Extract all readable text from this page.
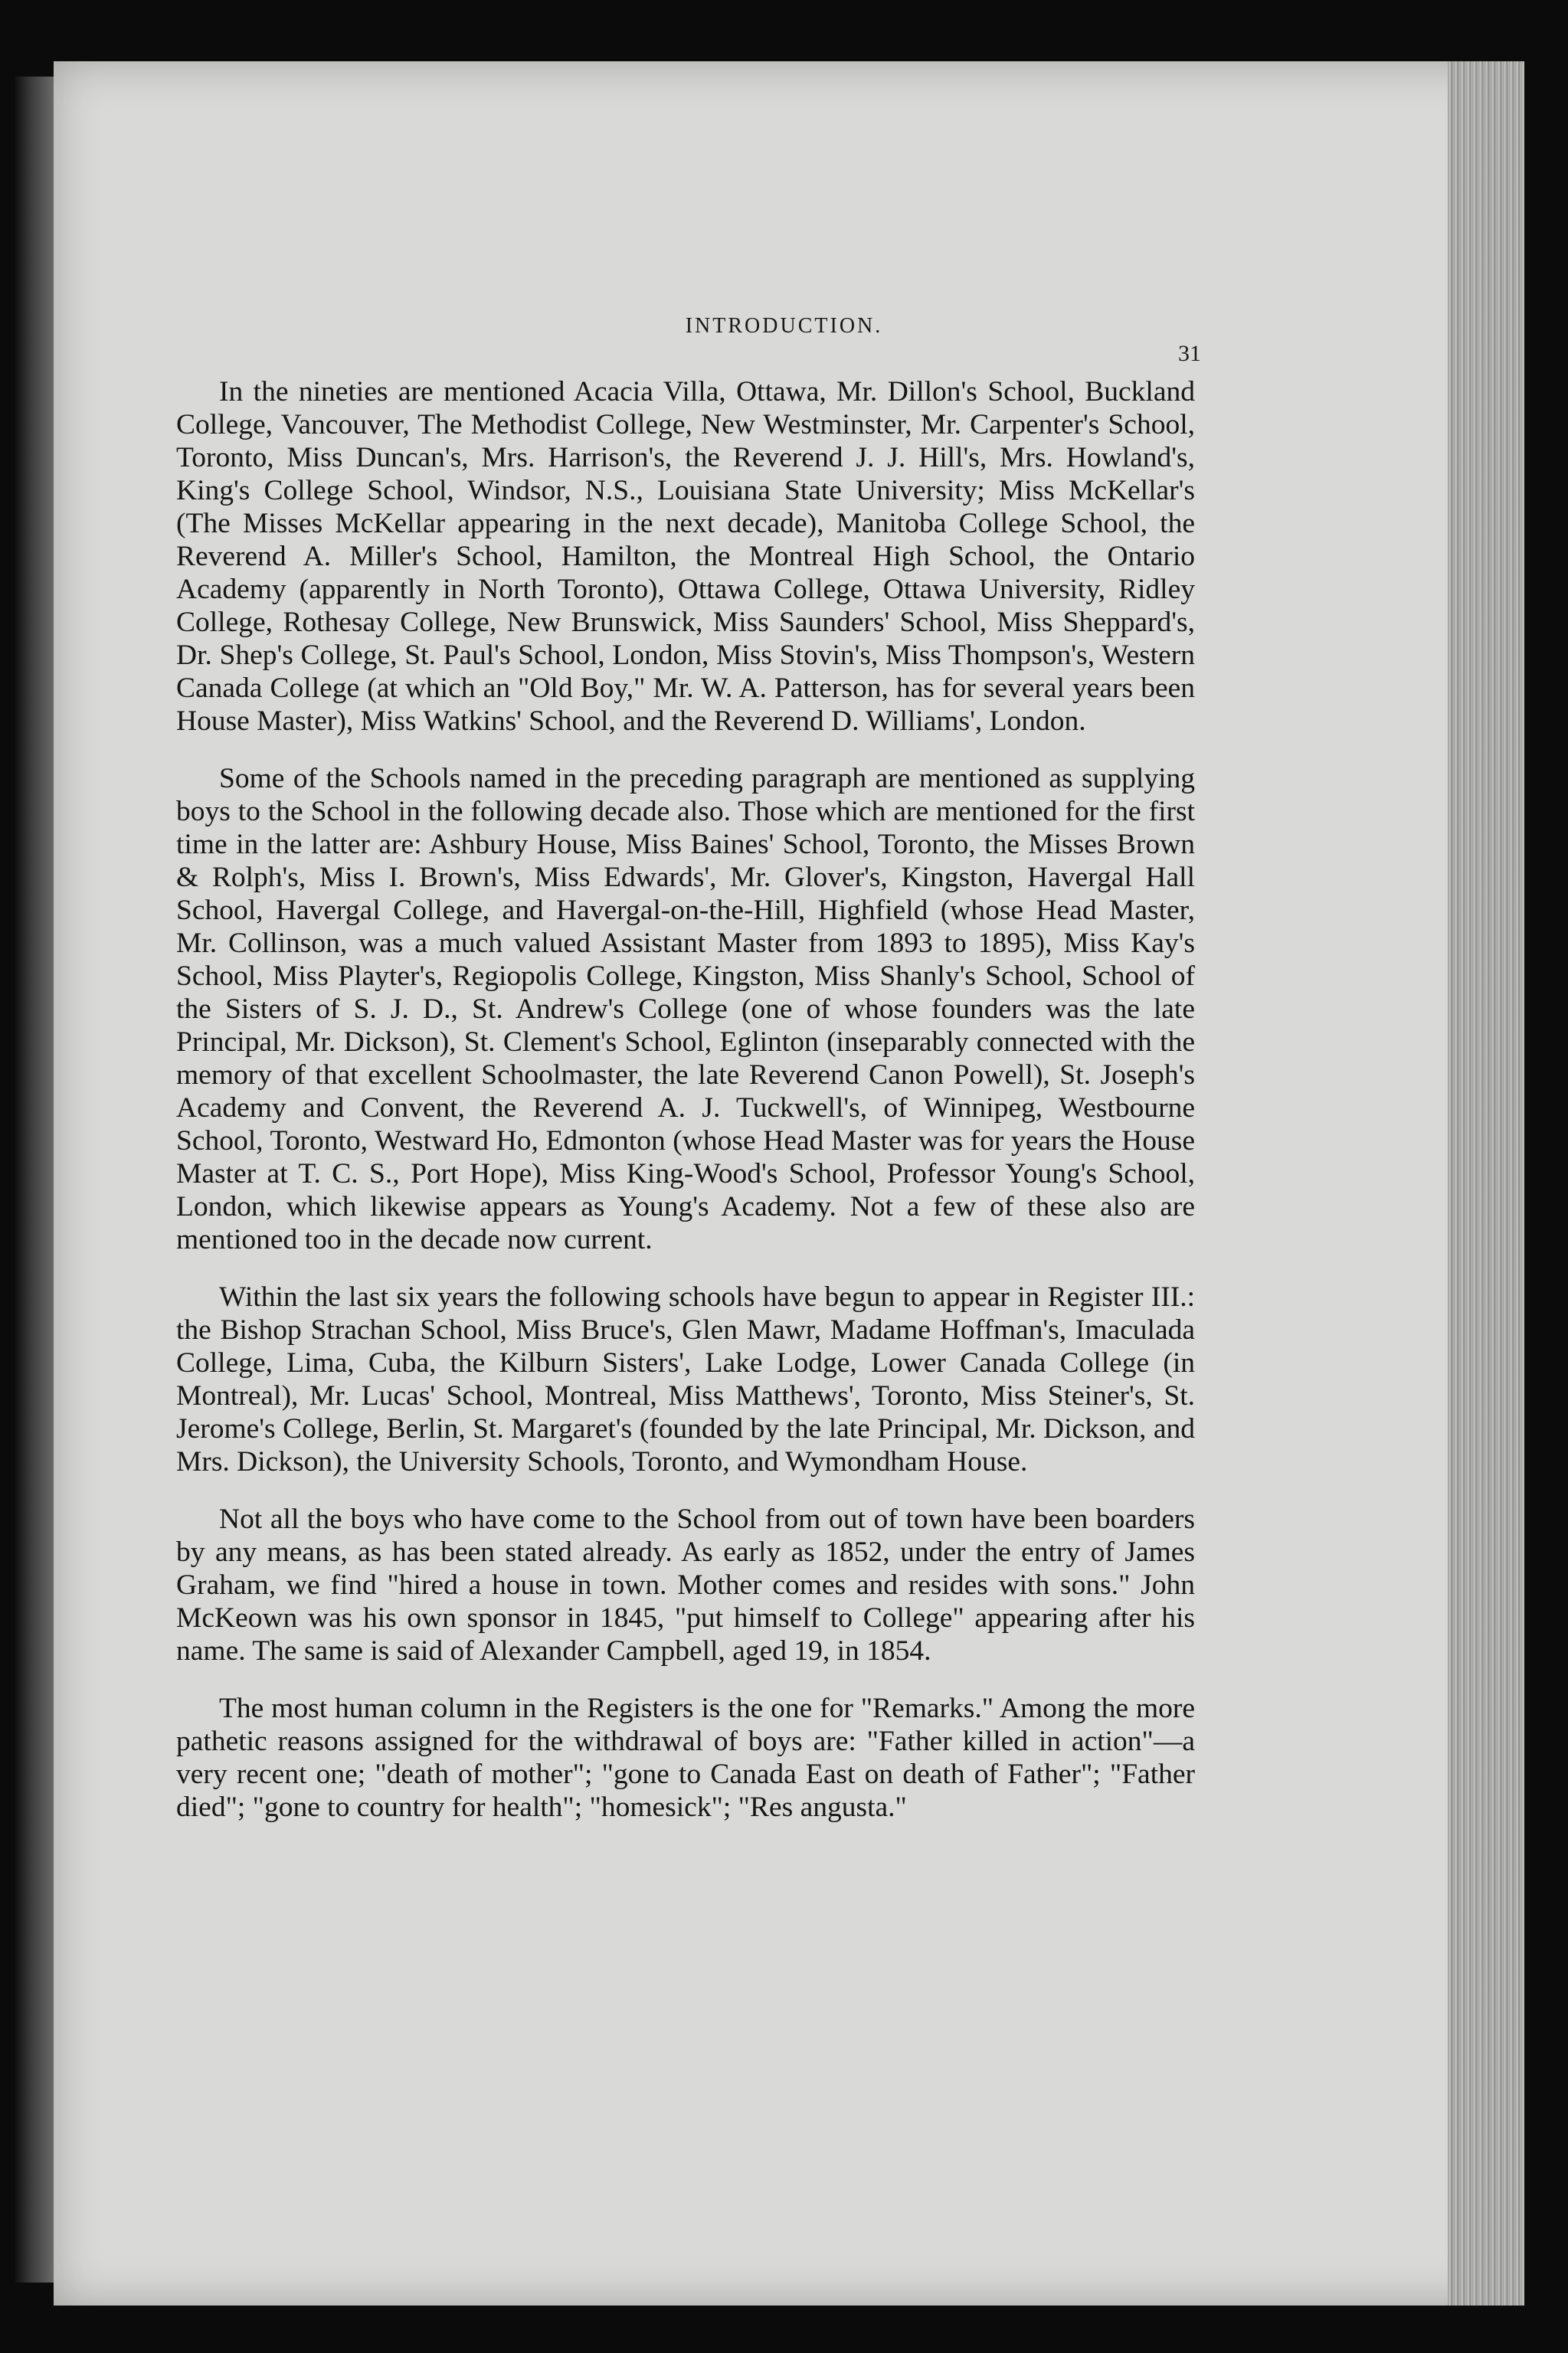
INTRODUCTION.
31

In the nineties are mentioned Acacia Villa, Ottawa, Mr. Dillon's School, Buckland College, Vancouver, The Methodist College, New Westminster, Mr. Carpenter's School, Toronto, Miss Duncan's, Mrs. Harrison's, the Reverend J. J. Hill's, Mrs. Howland's, King's College School, Windsor, N.S., Louisiana State University; Miss McKellar's (The Misses McKellar appearing in the next decade), Manitoba College School, the Reverend A. Miller's School, Hamilton, the Montreal High School, the Ontario Academy (apparently in North Toronto), Ottawa College, Ottawa University, Ridley College, Rothesay College, New Brunswick, Miss Saunders' School, Miss Sheppard's, Dr. Shep's College, St. Paul's School, London, Miss Stovin's, Miss Thompson's, Western Canada College (at which an "Old Boy," Mr. W. A. Patterson, has for several years been House Master), Miss Watkins' School, and the Reverend D. Williams', London.

Some of the Schools named in the preceding paragraph are mentioned as supplying boys to the School in the following decade also. Those which are mentioned for the first time in the latter are: Ashbury House, Miss Baines' School, Toronto, the Misses Brown & Rolph's, Miss I. Brown's, Miss Edwards', Mr. Glover's, Kingston, Havergal Hall School, Havergal College, and Havergal-on-the-Hill, Highfield (whose Head Master, Mr. Collinson, was a much valued Assistant Master from 1893 to 1895), Miss Kay's School, Miss Playter's, Regiopolis College, Kingston, Miss Shanly's School, School of the Sisters of S. J. D., St. Andrew's College (one of whose founders was the late Principal, Mr. Dickson), St. Clement's School, Eglinton (inseparably connected with the memory of that excellent Schoolmaster, the late Reverend Canon Powell), St. Joseph's Academy and Convent, the Reverend A. J. Tuckwell's, of Winnipeg, Westbourne School, Toronto, Westward Ho, Edmonton (whose Head Master was for years the House Master at T. C. S., Port Hope), Miss King-Wood's School, Professor Young's School, London, which likewise appears as Young's Academy. Not a few of these also are mentioned too in the decade now current.

Within the last six years the following schools have begun to appear in Register III.: the Bishop Strachan School, Miss Bruce's, Glen Mawr, Madame Hoffman's, Imaculada College, Lima, Cuba, the Kilburn Sisters', Lake Lodge, Lower Canada College (in Montreal), Mr. Lucas' School, Montreal, Miss Matthews', Toronto, Miss Steiner's, St. Jerome's College, Berlin, St. Margaret's (founded by the late Principal, Mr. Dickson, and Mrs. Dickson), the University Schools, Toronto, and Wymondham House.

Not all the boys who have come to the School from out of town have been boarders by any means, as has been stated already. As early as 1852, under the entry of James Graham, we find "hired a house in town. Mother comes and resides with sons." John McKeown was his own sponsor in 1845, "put himself to College" appearing after his name. The same is said of Alexander Campbell, aged 19, in 1854.

The most human column in the Registers is the one for "Remarks." Among the more pathetic reasons assigned for the withdrawal of boys are: "Father killed in action"—a very recent one; "death of mother"; "gone to Canada East on death of Father"; "Father died"; "gone to country for health"; "homesick"; "Res angusta."
